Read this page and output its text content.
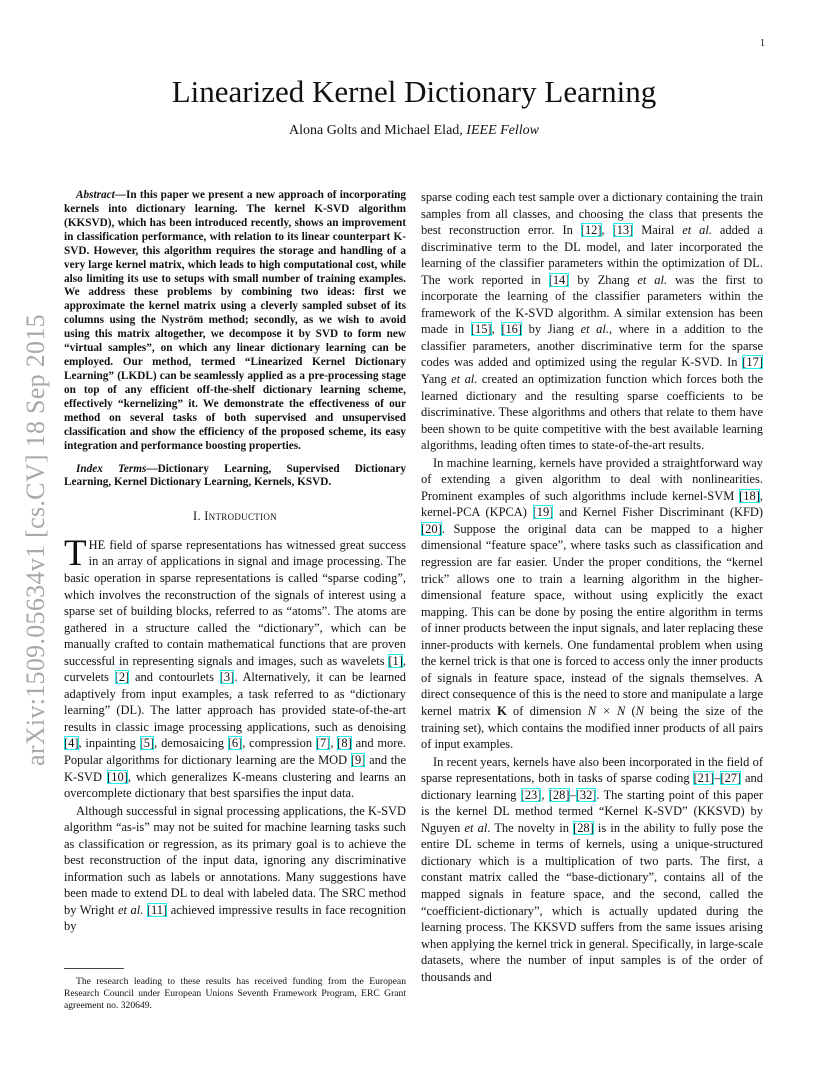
1
arXiv:1509.05634v1 [cs.CV] 18 Sep 2015
Linearized Kernel Dictionary Learning
Alona Golts and Michael Elad, IEEE Fellow
Abstract—In this paper we present a new approach of incorporating kernels into dictionary learning. The kernel K-SVD algorithm (KKSVD), which has been introduced recently, shows an improvement in classification performance, with relation to its linear counterpart K-SVD. However, this algorithm requires the storage and handling of a very large kernel matrix, which leads to high computational cost, while also limiting its use to setups with small number of training examples. We address these problems by combining two ideas: first we approximate the kernel matrix using a cleverly sampled subset of its columns using the Nyström method; secondly, as we wish to avoid using this matrix altogether, we decompose it by SVD to form new “virtual samples”, on which any linear dictionary learning can be employed. Our method, termed “Linearized Kernel Dictionary Learning” (LKDL) can be seamlessly applied as a pre-processing stage on top of any efficient off-the-shelf dictionary learning scheme, effectively “kernelizing” it. We demonstrate the effectiveness of our method on several tasks of both supervised and unsupervised classification and show the efficiency of the proposed scheme, its easy integration and performance boosting properties.
Index Terms—Dictionary Learning, Supervised Dictionary Learning, Kernel Dictionary Learning, Kernels, KSVD.
I. Introduction

THE field of sparse representations has witnessed great success in an array of applications in signal and image processing. The basic operation in sparse representations is called “sparse coding”, which involves the reconstruction of the signals of interest using a sparse set of building blocks, referred to as “atoms”. The atoms are gathered in a structure called the “dictionary”, which can be manually crafted to contain mathematical functions that are proven successful in representing signals and images, such as wavelets [1], curvelets [2] and contourlets [3]. Alternatively, it can be learned adaptively from input examples, a task referred to as “dictionary learning” (DL). The latter approach has provided state-of-the-art results in classic image processing applications, such as denoising [4], inpainting [5], demosaicing [6], compression [7], [8] and more. Popular algorithms for dictionary learning are the MOD [9] and the K-SVD [10], which generalizes K-means clustering and learns an overcomplete dictionary that best sparsifies the input data.

Although successful in signal processing applications, the K-SVD algorithm “as-is” may not be suited for machine learning tasks such as classification or regression, as its primary goal is to achieve the best reconstruction of the input data, ignoring any discriminative information such as labels or annotations. Many suggestions have been made to extend DL to deal with labeled data. The SRC method by Wright et al. [11] achieved impressive results in face recognition by

The research leading to these results has received funding from the European Research Council under European Unions Seventh Framework Program, ERC Grant agreement no. 320649.

sparse coding each test sample over a dictionary containing the train samples from all classes, and choosing the class that presents the best reconstruction error. In [12], [13] Mairal et al. added a discriminative term to the DL model, and later incorporated the learning of the classifier parameters within the optimization of DL. The work reported in [14] by Zhang et al. was the first to incorporate the learning of the classifier parameters within the framework of the K-SVD algorithm. A similar extension has been made in [15], [16] by Jiang et al., where in a addition to the classifier parameters, another discriminative term for the sparse codes was added and optimized using the regular K-SVD. In [17] Yang et al. created an optimization function which forces both the learned dictionary and the resulting sparse coefficients to be discriminative. These algorithms and others that relate to them have been shown to be quite competitive with the best available learning algorithms, leading often times to state-of-the-art results.

In machine learning, kernels have provided a straightforward way of extending a given algorithm to deal with nonlinearities. Prominent examples of such algorithms include kernel-SVM [18], kernel-PCA (KPCA) [19] and Kernel Fisher Discriminant (KFD) [20]. Suppose the original data can be mapped to a higher dimensional “feature space”, where tasks such as classification and regression are far easier. Under the proper conditions, the “kernel trick” allows one to train a learning algorithm in the higher-dimensional feature space, without using explicitly the exact mapping. This can be done by posing the entire algorithm in terms of inner products between the input signals, and later replacing these inner-products with kernels. One fundamental problem when using the kernel trick is that one is forced to access only the inner products of signals in feature space, instead of the signals themselves. A direct consequence of this is the need to store and manipulate a large kernel matrix K of dimension N × N (N being the size of the training set), which contains the modified inner products of all pairs of input examples.

In recent years, kernels have also been incorporated in the field of sparse representations, both in tasks of sparse coding [21]–[27] and dictionary learning [23], [28]–[32]. The starting point of this paper is the kernel DL method termed “Kernel K-SVD” (KKSVD) by Nguyen et al. The novelty in [28] is in the ability to fully pose the entire DL scheme in terms of kernels, using a unique-structured dictionary which is a multiplication of two parts. The first, a constant matrix called the “base-dictionary”, contains all of the mapped signals in feature space, and the second, called the “coefficient-dictionary”, which is actually updated during the learning process. The KKSVD suffers from the same issues arising when applying the kernel trick in general. Specifically, in large-scale datasets, where the number of input samples is of the order of thousands and
